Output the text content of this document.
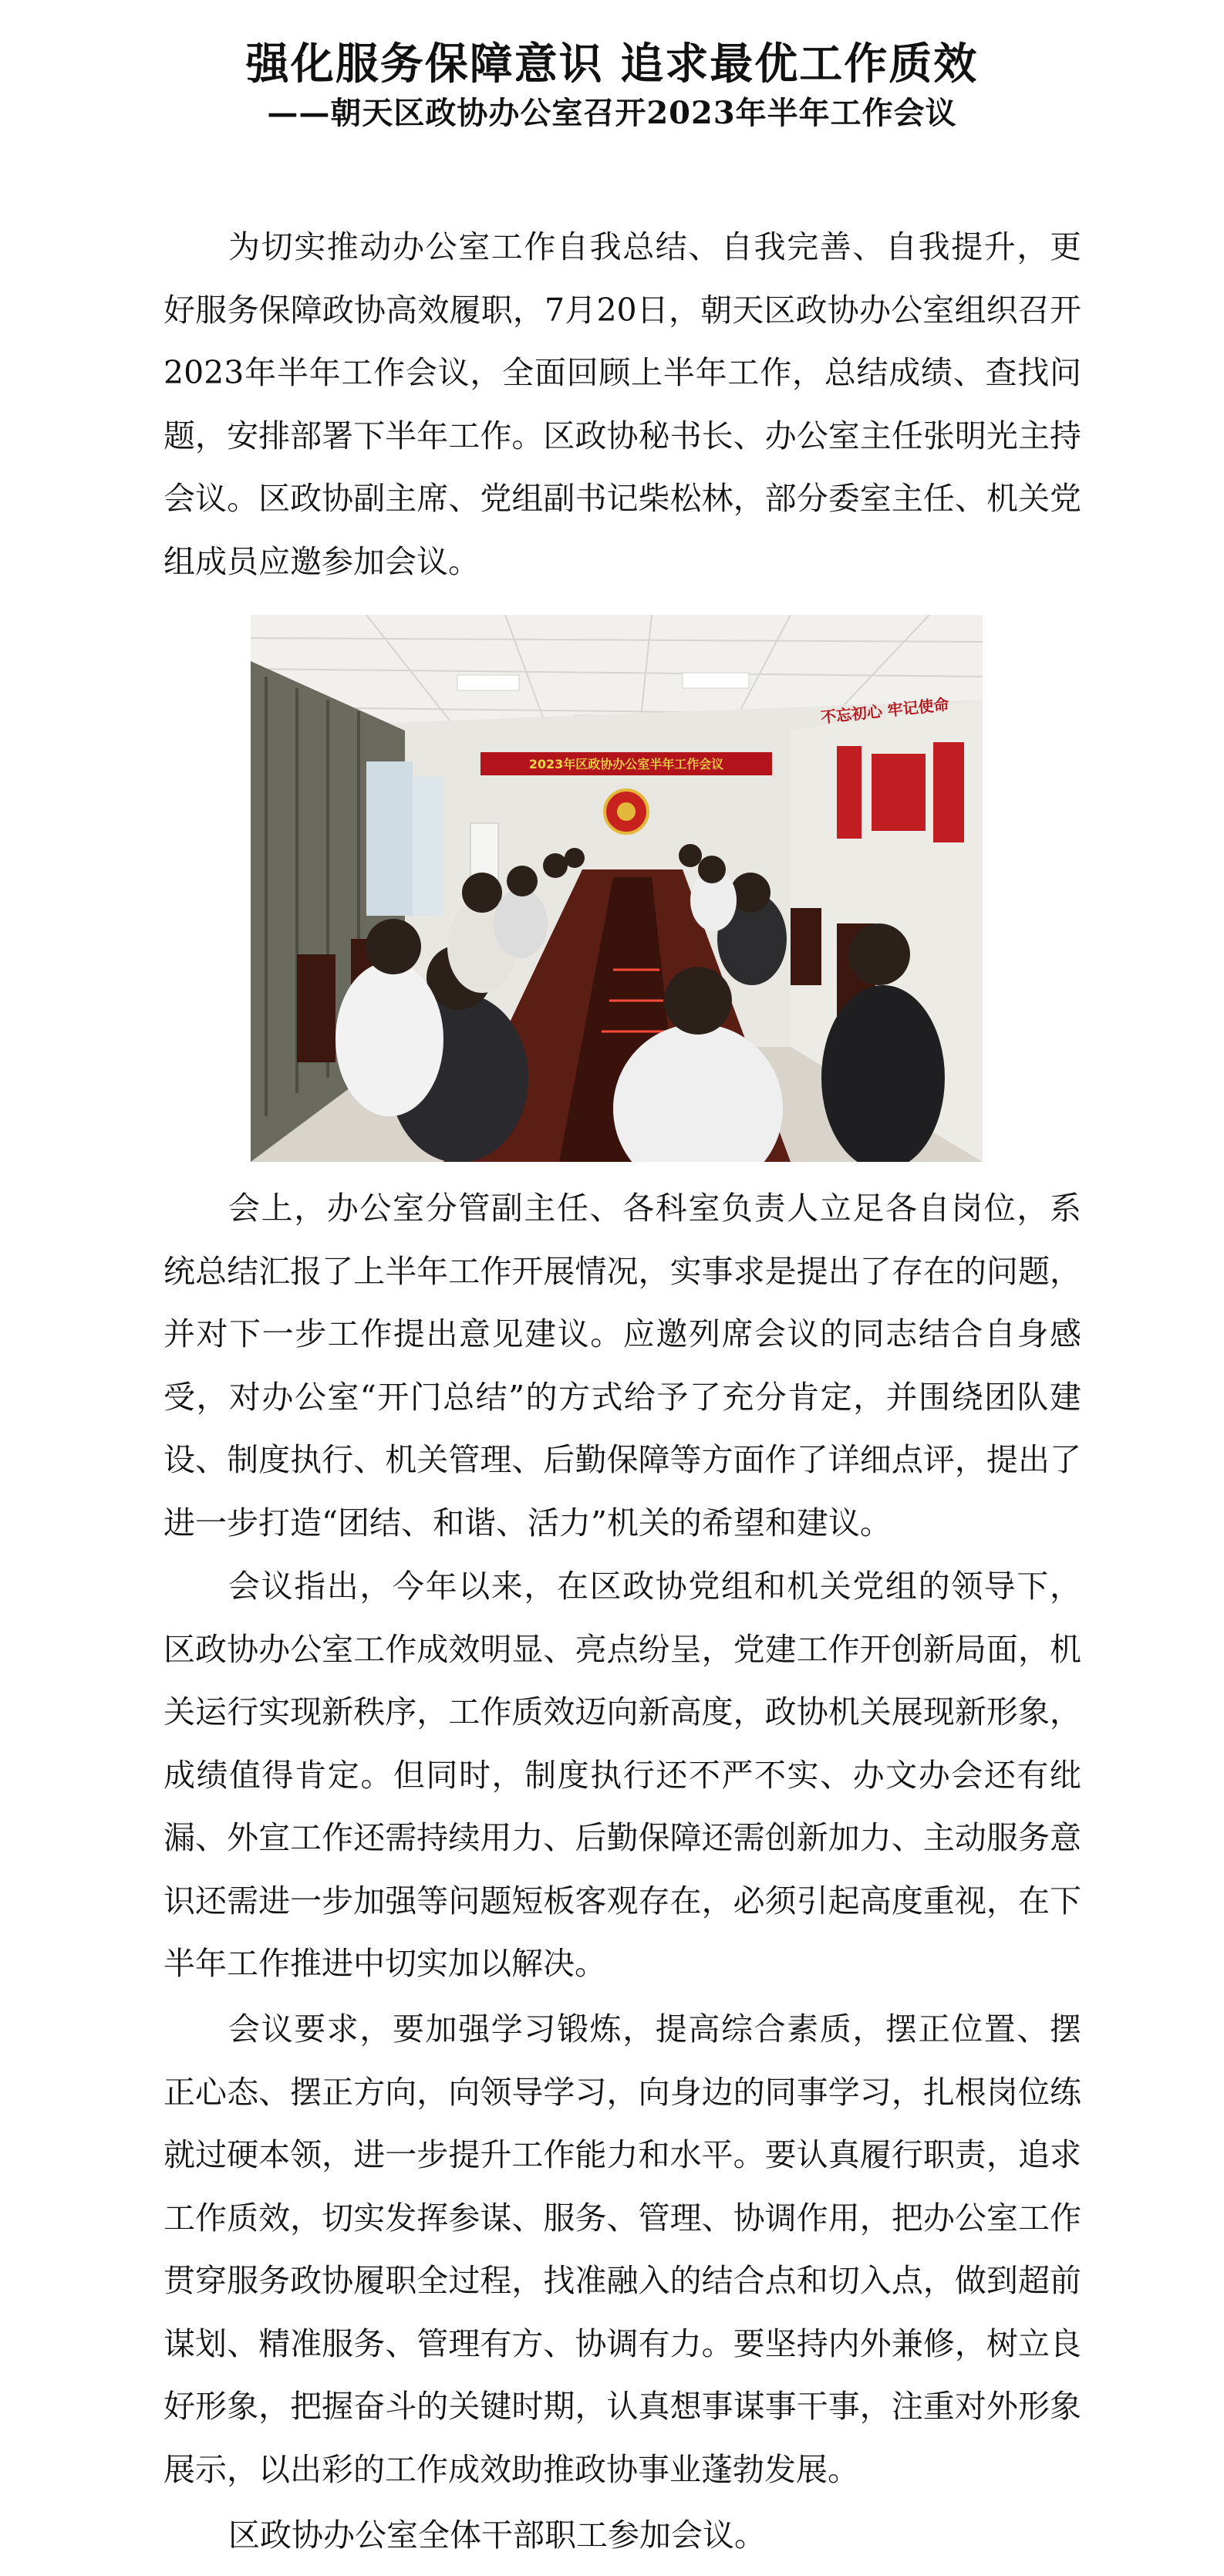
强化服务保障意识 追求最优工作质效
——朝天区政协办公室召开2023年半年工作会议

为切实推动办公室工作自我总结、自我完善、自我提升，更好服务保障政协高效履职，7月20日，朝天区政协办公室组织召开2023年半年工作会议，全面回顾上半年工作，总结成绩、查找问题，安排部署下半年工作。区政协秘书长、办公室主任张明光主持会议。区政协副主席、党组副书记柴松林，部分委室主任、机关党组成员应邀参加会议。

2023年区政协办公室半年工作会议
不忘初心 牢记使命

会上，办公室分管副主任、各科室负责人立足各自岗位，系统总结汇报了上半年工作开展情况，实事求是提出了存在的问题，并对下一步工作提出意见建议。应邀列席会议的同志结合自身感受，对办公室“开门总结”的方式给予了充分肯定，并围绕团队建设、制度执行、机关管理、后勤保障等方面作了详细点评，提出了进一步打造“团结、和谐、活力”机关的希望和建议。

会议指出，今年以来，在区政协党组和机关党组的领导下，区政协办公室工作成效明显、亮点纷呈，党建工作开创新局面，机关运行实现新秩序，工作质效迈向新高度，政协机关展现新形象，成绩值得肯定。但同时，制度执行还不严不实、办文办会还有纰漏、外宣工作还需持续用力、后勤保障还需创新加力、主动服务意识还需进一步加强等问题短板客观存在，必须引起高度重视，在下半年工作推进中切实加以解决。

会议要求，要加强学习锻炼，提高综合素质，摆正位置、摆正心态、摆正方向，向领导学习，向身边的同事学习，扎根岗位练就过硬本领，进一步提升工作能力和水平。要认真履行职责，追求工作质效，切实发挥参谋、服务、管理、协调作用，把办公室工作贯穿服务政协履职全过程，找准融入的结合点和切入点，做到超前谋划、精准服务、管理有方、协调有力。要坚持内外兼修，树立良好形象，把握奋斗的关键时期，认真想事谋事干事，注重对外形象展示，以出彩的工作成效助推政协事业蓬勃发展。

区政协办公室全体干部职工参加会议。
